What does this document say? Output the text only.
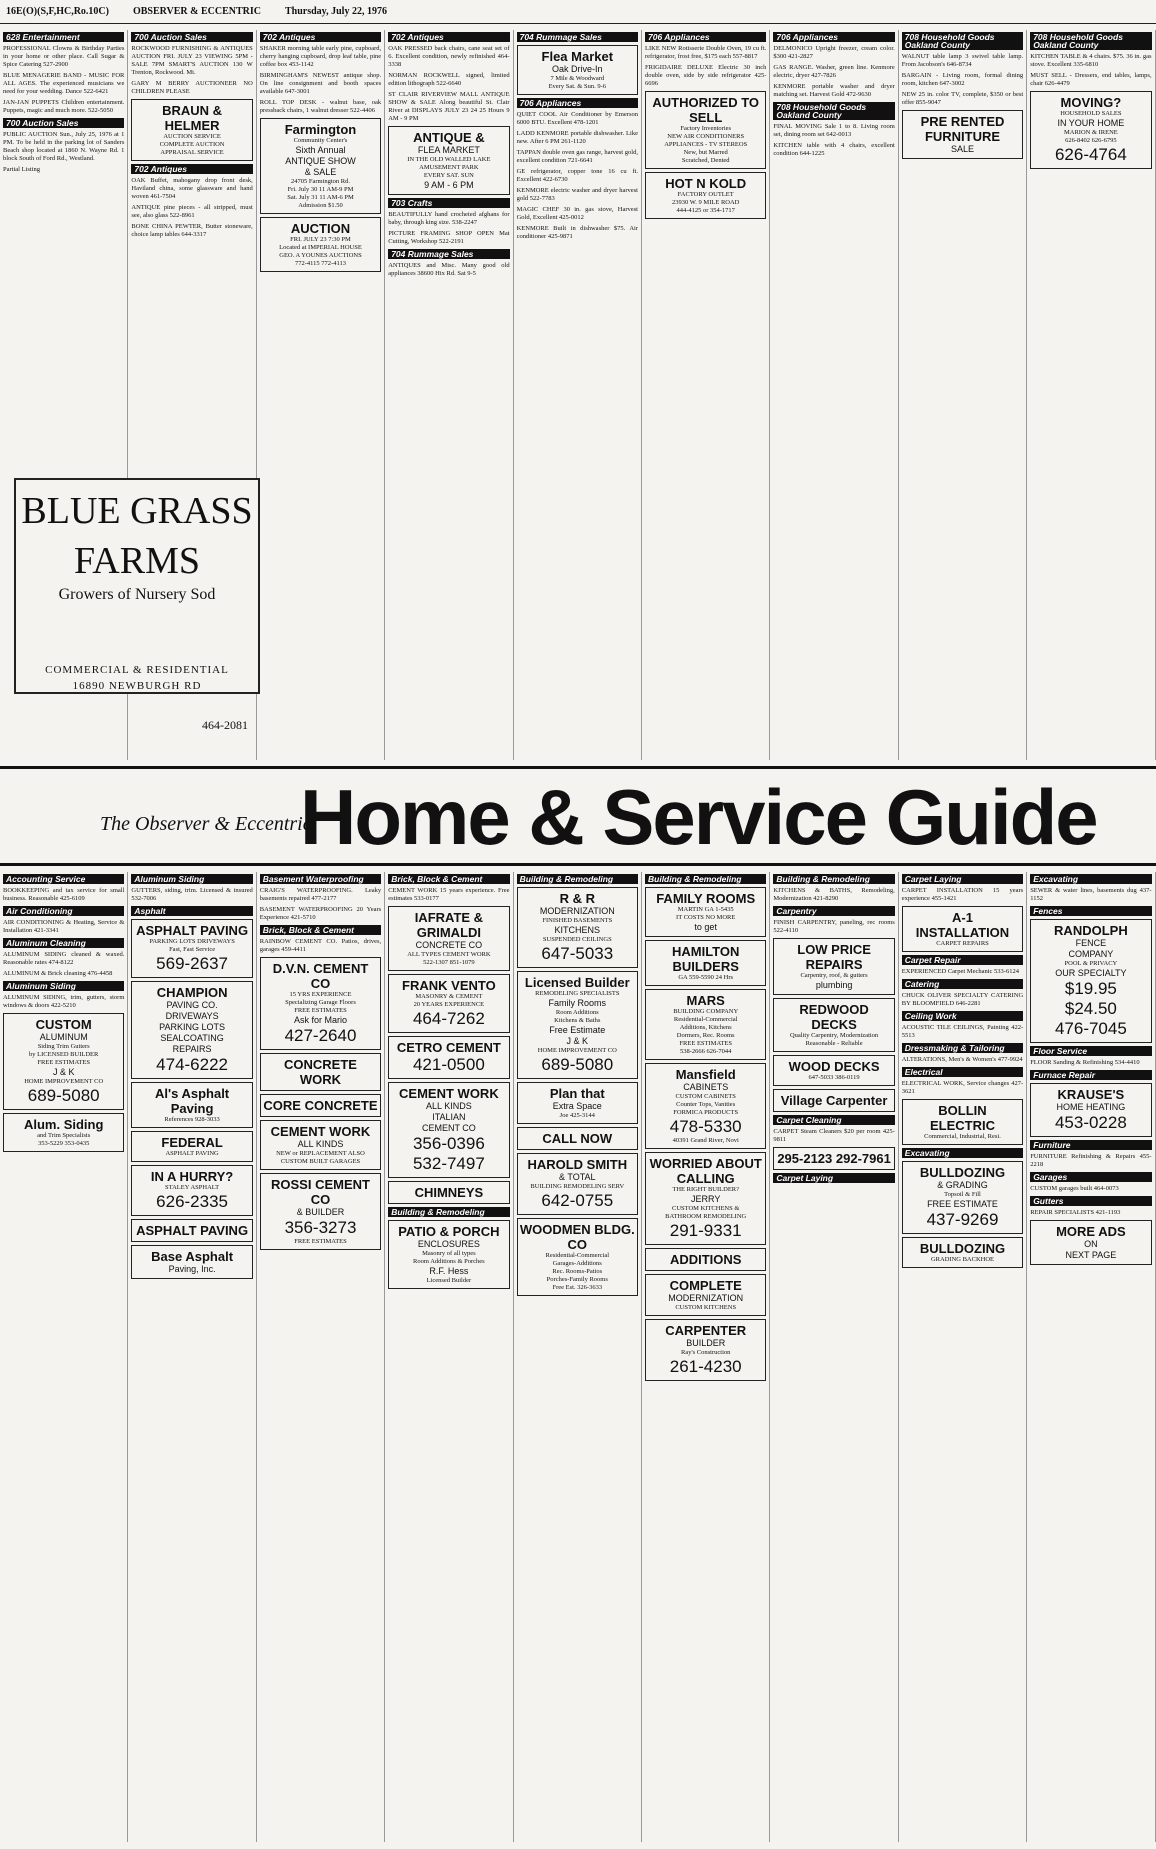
16E(O)(S,F,HC,Ro.10C) OBSERVER & ECCENTRIC Thursday, July 22, 1976
628 Entertainment
PROFESSIONAL Clowns & Birthday Parties in your home or other place. Call Sugar & Spice Catering 527-2900
BLUE MENAGERIE BAND - MUSIC FOR ALL AGES. The experienced musicians we need for your wedding. Dance 522-6421
JAN-JAN PUPPETS Children entertainment. Puppets, magic and much more. 522-5050
700 Auction Sales
PUBLIC AUCTION Sun., July 25, 1976 at 1 PM. To be held in the parking lot of Sanders Beach shop located at 1860 N. Wayne Rd. 1 block South of Ford Rd., Westland.
Partial Listing
700 Auction Sales
ROCKWOOD FURNISHING & ANTIQUES AUCTION FRI. JULY 23 VIEWING 5PM - SALE 7PM SMART'S AUCTION 130 W Trenton, Rockwood. Mi.
GARY M BERRY AUCTIONEER NO CHILDREN PLEASE
BRAUN & HELMER
AUCTION SERVICE
COMPLETE AUCTION
APPRAISAL SERVICE
702 Antiques
OAK Buffet, mahogany drop front desk, Haviland china, some glassware and hand woven 461-7504
ANTIQUE pine pieces - all stripped, must see, also glass 522-8961
BONE CHINA PEWTER, Butter stoneware, choice lamp tables 644-3317
702 Antiques
SHAKER morning table early pine, cupboard, cherry hanging cupboard, drop leaf table, pine coffee box 453-1142
BIRMINGHAM'S NEWEST antique shop. On line consignment and booth spaces available 647-3001
ROLL TOP DESK - walnut base, oak pressback chairs, 1 walnut dresser 522-4406
Farmington
Community Center's
Sixth Annual
ANTIQUE SHOW
& SALE
24705 Farmington Rd.
Fri. July 30 11 AM-9 PM
Sat. July 31 11 AM-6 PM
Admission $1.50
AUCTION
FRI. JULY 23 7:30 PM
Located at IMPERIAL HOUSE
GEO. A YOUNES AUCTIONS
772-4115 772-4113
702 Antiques
OAK PRESSED back chairs, cane seat set of 6. Excellent condition, newly refinished 464-3338
NORMAN ROCKWELL signed, limited edition lithograph 522-6640
ST CLAIR RIVERVIEW MALL ANTIQUE SHOW & SALE Along beautiful St. Clair River at DISPLAYS JULY 23 24 25 Hours 9 AM - 9 PM
ANTIQUE &
FLEA MARKET
IN THE OLD WALLED LAKE
AMUSEMENT PARK
EVERY SAT. SUN
9 AM - 6 PM
703 Crafts
BEAUTIFULLY hand crocheted afghans for baby, through king size. 538-2247
PICTURE FRAMING SHOP OPEN Mat Cutting, Workshop 522-2191
704 Rummage Sales
ANTIQUES and Misc. Many good old appliances 38600 Hix Rd. Sat 9-5
704 Rummage Sales
Flea Market
Oak Drive-In
7 Mile & Woodward
Every Sat. & Sun. 9-6
706 Appliances
QUIET COOL Air Conditioner by Emerson 6000 BTU. Excellent 478-1201
LADD KENMORE portable dishwasher. Like new. After 6 PM 261-1120
TAPPAN double oven gas range, harvest gold, excellent condition 721-6641
GE refrigerator, copper tone 16 cu ft. Excellent 422-6730
KENMORE electric washer and dryer harvest gold 522-7783
MAGIC CHEF 30 in. gas stove, Harvest Gold, Excellent 425-0012
KENMORE Built in dishwasher $75. Air conditioner 425-9871
706 Appliances
LIKE NEW Rotisserie Double Oven, 19 cu ft. refrigerator, frost free, $175 each 557-8817
FRIGIDAIRE DELUXE Electric 30 inch double oven, side by side refrigerator 425-6696
AUTHORIZED TO SELL
Factory Inventories
NEW AIR CONDITIONERS
APPLIANCES - TV STEREOS
New, but Marred
Scratched, Dented
HOT N KOLD
FACTORY OUTLET
23930 W. 9 MILE ROAD
444-4125 or 354-1717
706 Appliances
DELMONICO Upright freezer, cream color. $300 421-2827
GAS RANGE. Washer, green line. Kenmore electric, dryer 427-7826
KENMORE portable washer and dryer matching set. Harvest Gold 472-9630
708 Household Goods Oakland County
FINAL MOVING Sale 1 to 8. Living room set, dining room set 642-0013
KITCHEN table with 4 chairs, excellent condition 644-1225
708 Household Goods Oakland County
WALNUT table lamp 3 swivel table lamp. From Jacobson's 646-8734
BARGAIN - Living room, formal dining room, kitchen 647-3002
NEW 25 in. color TV, complete, $350 or best offer 855-9047
PRE RENTED FURNITURE
SALE
708 Household Goods Oakland County
KITCHEN TABLE & 4 chairs. $75. 36 in. gas stove. Excellent 335-6810
MUST SELL - Dressers, end tables, lamps, chair 626-4479
MOVING?
HOUSEHOLD SALES
IN YOUR HOME
MARION & IRENE
626-8402 626-6795
626-4764
BLUE GRASS
FARMS
Growers of Nursery Sod
COMMERCIAL & RESIDENTIAL
16890 NEWBURGH RD
464-2081
The Observer & Eccentric
Home & Service Guide
Accounting Service
BOOKKEEPING and tax service for small business. Reasonable 425-6109
Air Conditioning
AIR CONDITIONING & Heating, Service & Installation 421-3341
Aluminum Cleaning
ALUMINUM SIDING cleaned & waxed. Reasonable rates 474-8122
ALUMINUM & Brick cleaning 476-4458
Aluminum Siding
ALUMINUM SIDING, trim, gutters, storm windows & doors 422-5210
CUSTOM
ALUMINUM
Siding Trim Gutters
by LICENSED BUILDER
FREE ESTIMATES
J & K
HOME IMPROVEMENT CO
689-5080
Alum. Siding
and Trim Specialists
353-5229 353-0435
Aluminum Siding
GUTTERS, siding, trim. Licensed & insured 532-7006
Asphalt
ASPHALT PAVING
PARKING LOTS DRIVEWAYS
Fast, Fast Service
569-2637
CHAMPION
PAVING CO.
DRIVEWAYS
PARKING LOTS
SEALCOATING
REPAIRS
474-6222
Al's Asphalt Paving
References 928-3033
FEDERAL
ASPHALT PAVING
IN A HURRY?
STALEY ASPHALT
626-2335
ASPHALT PAVING
Base Asphalt
Paving, Inc.
Basement Waterproofing
CRAIG'S WATERPROOFING. Leaky basements repaired 477-2177
BASEMENT WATERPROOFING 20 Years Experience 421-5710
Brick, Block & Cement
RAINBOW CEMENT CO. Patios, drives, garages 459-4411
D.V.N. CEMENT CO
15 YRS EXPERIENCE
Specializing Garage Floors
FREE ESTIMATES
Ask for Mario
427-2640
CONCRETE WORK
CORE CONCRETE
CEMENT WORK
ALL KINDS
NEW or REPLACEMENT ALSO
CUSTOM BUILT GARAGES
ROSSI CEMENT CO
& BUILDER
356-3273
FREE ESTIMATES
Brick, Block & Cement
CEMENT WORK 15 years experience. Free estimates 533-0177
IAFRATE & GRIMALDI
CONCRETE CO
ALL TYPES CEMENT WORK
522-1307 851-1079
FRANK VENTO
MASONRY & CEMENT
20 YEARS EXPERIENCE
464-7262
CETRO CEMENT
421-0500
CEMENT WORK
ALL KINDS
ITALIAN
CEMENT CO
356-0396
532-7497
CHIMNEYS
Building & Remodeling
PATIO & PORCH
ENCLOSURES
Masonry of all types
Room Additions & Porches
R.F. Hess
Licensed Builder
Building & Remodeling
R & R
MODERNIZATION
FINISHED BASEMENTS
KITCHENS
SUSPENDED CEILINGS
647-5033
Licensed Builder
REMODELING SPECIALISTS
Family Rooms
Room Additions
Kitchens & Baths
Free Estimate
J & K
HOME IMPROVEMENT CO
689-5080
Plan that
Extra Space
Joe 425-3144
CALL NOW
HAROLD SMITH
& TOTAL
BUILDING REMODELING SERV
642-0755
WOODMEN BLDG. CO
Residential-Commercial
Garages-Additions
Rec. Rooms-Patios
Porches-Family Rooms
Free Est. 326-3633
Building & Remodeling
FAMILY ROOMS
MARTIN GA 1-5435
IT COSTS NO MORE
to get
HAMILTON BUILDERS
GA 559-5590 24 Hrs
MARS
BUILDING COMPANY
Residential-Commercial
Additions, Kitchens
Dormers, Rec. Rooms
FREE ESTIMATES
538-2666 626-7044
Mansfield
CABINETS
CUSTOM CABINETS
Counter Tops, Vanities
FORMICA PRODUCTS
478-5330
40391 Grand River, Novi
WORRIED ABOUT CALLING
THE RIGHT BUILDER?
JERRY
CUSTOM KITCHENS &
BATHROOM REMODELING
291-9331
ADDITIONS
COMPLETE
MODERNIZATION
CUSTOM KITCHENS
CARPENTER
BUILDER
Ray's Construction
261-4230
Building & Remodeling
KITCHENS & BATHS, Remodeling, Modernization 421-8290
Carpentry
FINISH CARPENTRY, paneling, rec rooms 522-4110
LOW PRICE REPAIRS
Carpentry, roof, & gutters
plumbing
REDWOOD DECKS
Quality Carpentry, Modernization
Reasonable - Reliable
WOOD DECKS
647-5033 386-0119
Village Carpenter
Carpet Cleaning
CARPET Steam Cleaners $20 per room 425-9811
295-2123 292-7961
Carpet Laying
Carpet Laying
CARPET INSTALLATION 15 years experience 455-1421
A-1 INSTALLATION
CARPET REPAIRS
Carpet Repair
EXPERIENCED Carpet Mechanic 533-6124
Catering
CHUCK OLIVER SPECIALTY CATERING BY BLOOMFIELD 646-2281
Ceiling Work
ACOUSTIC TILE CEILINGS, Painting 422-5513
Dressmaking & Tailoring
ALTERATIONS, Men's & Women's 477-9924
Electrical
ELECTRICAL WORK, Service changes 427-3621
BOLLIN ELECTRIC
Commercial, Industrial, Resi.
Excavating
BULLDOZING
& GRADING
Topsoil & Fill
FREE ESTIMATE
437-9269
BULLDOZING
GRADING BACKHOE
Excavating
SEWER & water lines, basements dug 437-1152
Fences
RANDOLPH
FENCE
COMPANY
POOL & PRIVACY
OUR SPECIALTY
$19.95
$24.50
476-7045
Floor Service
FLOOR Sanding & Refinishing 534-4410
Furnace Repair
KRAUSE'S
HOME HEATING
453-0228
Furniture
FURNITURE Refinishing & Repairs 455-2218
Garages
CUSTOM garages built 464-0073
Gutters
REPAIR SPECIALISTS 421-1193
MORE ADS
ON
NEXT PAGE
